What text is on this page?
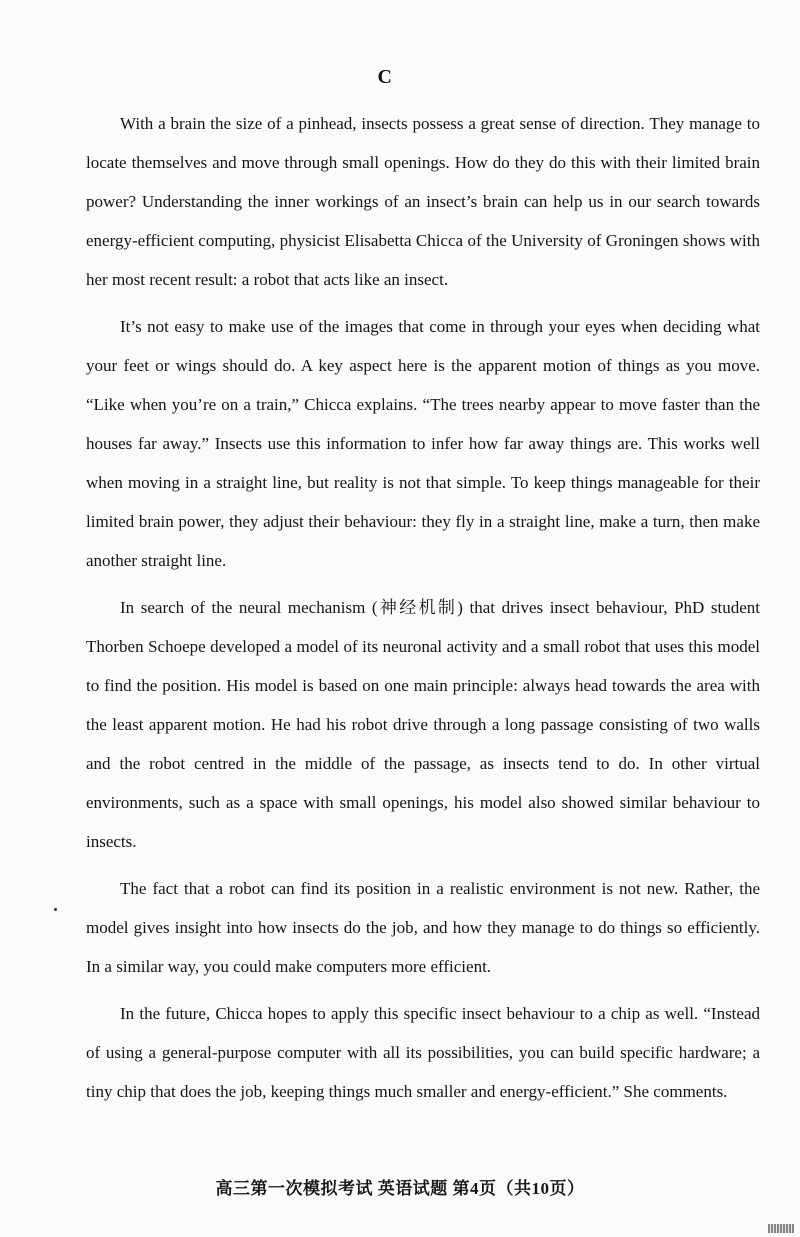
C

With a brain the size of a pinhead, insects possess a great sense of direction. They manage to locate themselves and move through small openings. How do they do this with their limited brain power? Understanding the inner workings of an insect’s brain can help us in our search towards energy-efficient computing, physicist Elisabetta Chicca of the University of Groningen shows with her most recent result: a robot that acts like an insect.

It’s not easy to make use of the images that come in through your eyes when deciding what your feet or wings should do. A key aspect here is the apparent motion of things as you move. “Like when you’re on a train,” Chicca explains. “The trees nearby appear to move faster than the houses far away.” Insects use this information to infer how far away things are. This works well when moving in a straight line, but reality is not that simple. To keep things manageable for their limited brain power, they adjust their behaviour: they fly in a straight line, make a turn, then make another straight line.

In search of the neural mechanism (神经机制) that drives insect behaviour, PhD student Thorben Schoepe developed a model of its neuronal activity and a small robot that uses this model to find the position. His model is based on one main principle: always head towards the area with the least apparent motion. He had his robot drive through a long passage consisting of two walls and the robot centred in the middle of the passage, as insects tend to do. In other virtual environments, such as a space with small openings, his model also showed similar behaviour to insects.

The fact that a robot can find its position in a realistic environment is not new. Rather, the model gives insight into how insects do the job, and how they manage to do things so efficiently. In a similar way, you could make computers more efficient.

In the future, Chicca hopes to apply this specific insect behaviour to a chip as well. “Instead of using a general-purpose computer with all its possibilities, you can build specific hardware; a tiny chip that does the job, keeping things much smaller and energy-efficient.” She comments.

高三第一次模拟考试 英语试题 第4页（共10页）
